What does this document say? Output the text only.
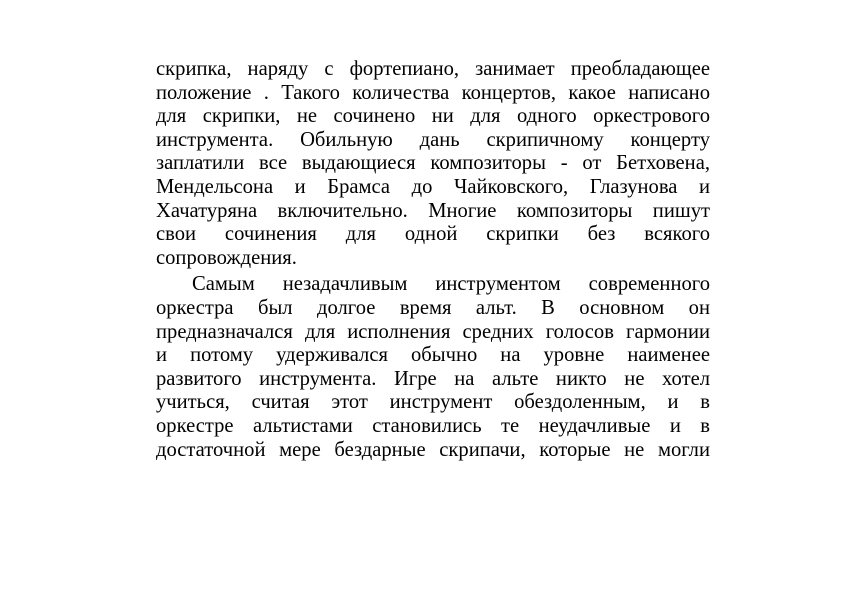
скрипка, наряду с фортепиано, занимает преобладающее
положение . Такого количества концертов, какое написано
для скрипки, не сочинено ни для одного оркестрового
инструмента. Обильную дань скрипичному концерту
заплатили все выдающиеся композиторы - от Бетховена,
Мендельсона и Брамса до Чайковского, Глазунова и
Хачатуряна включительно. Многие композиторы пишут
свои сочинения для одной скрипки без всякого
сопровождения.
Самым незадачливым инструментом современного
оркестра был долгое время альт. В основном он
предназначался для исполнения средних голосов гармонии
и потому удерживался обычно на уровне наименее
развитого инструмента. Игре на альте никто не хотел
учиться, считая этот инструмент обездоленным, и в
оркестре альтистами становились те неудачливые и в
достаточной мере бездарные скрипачи, которые не могли
